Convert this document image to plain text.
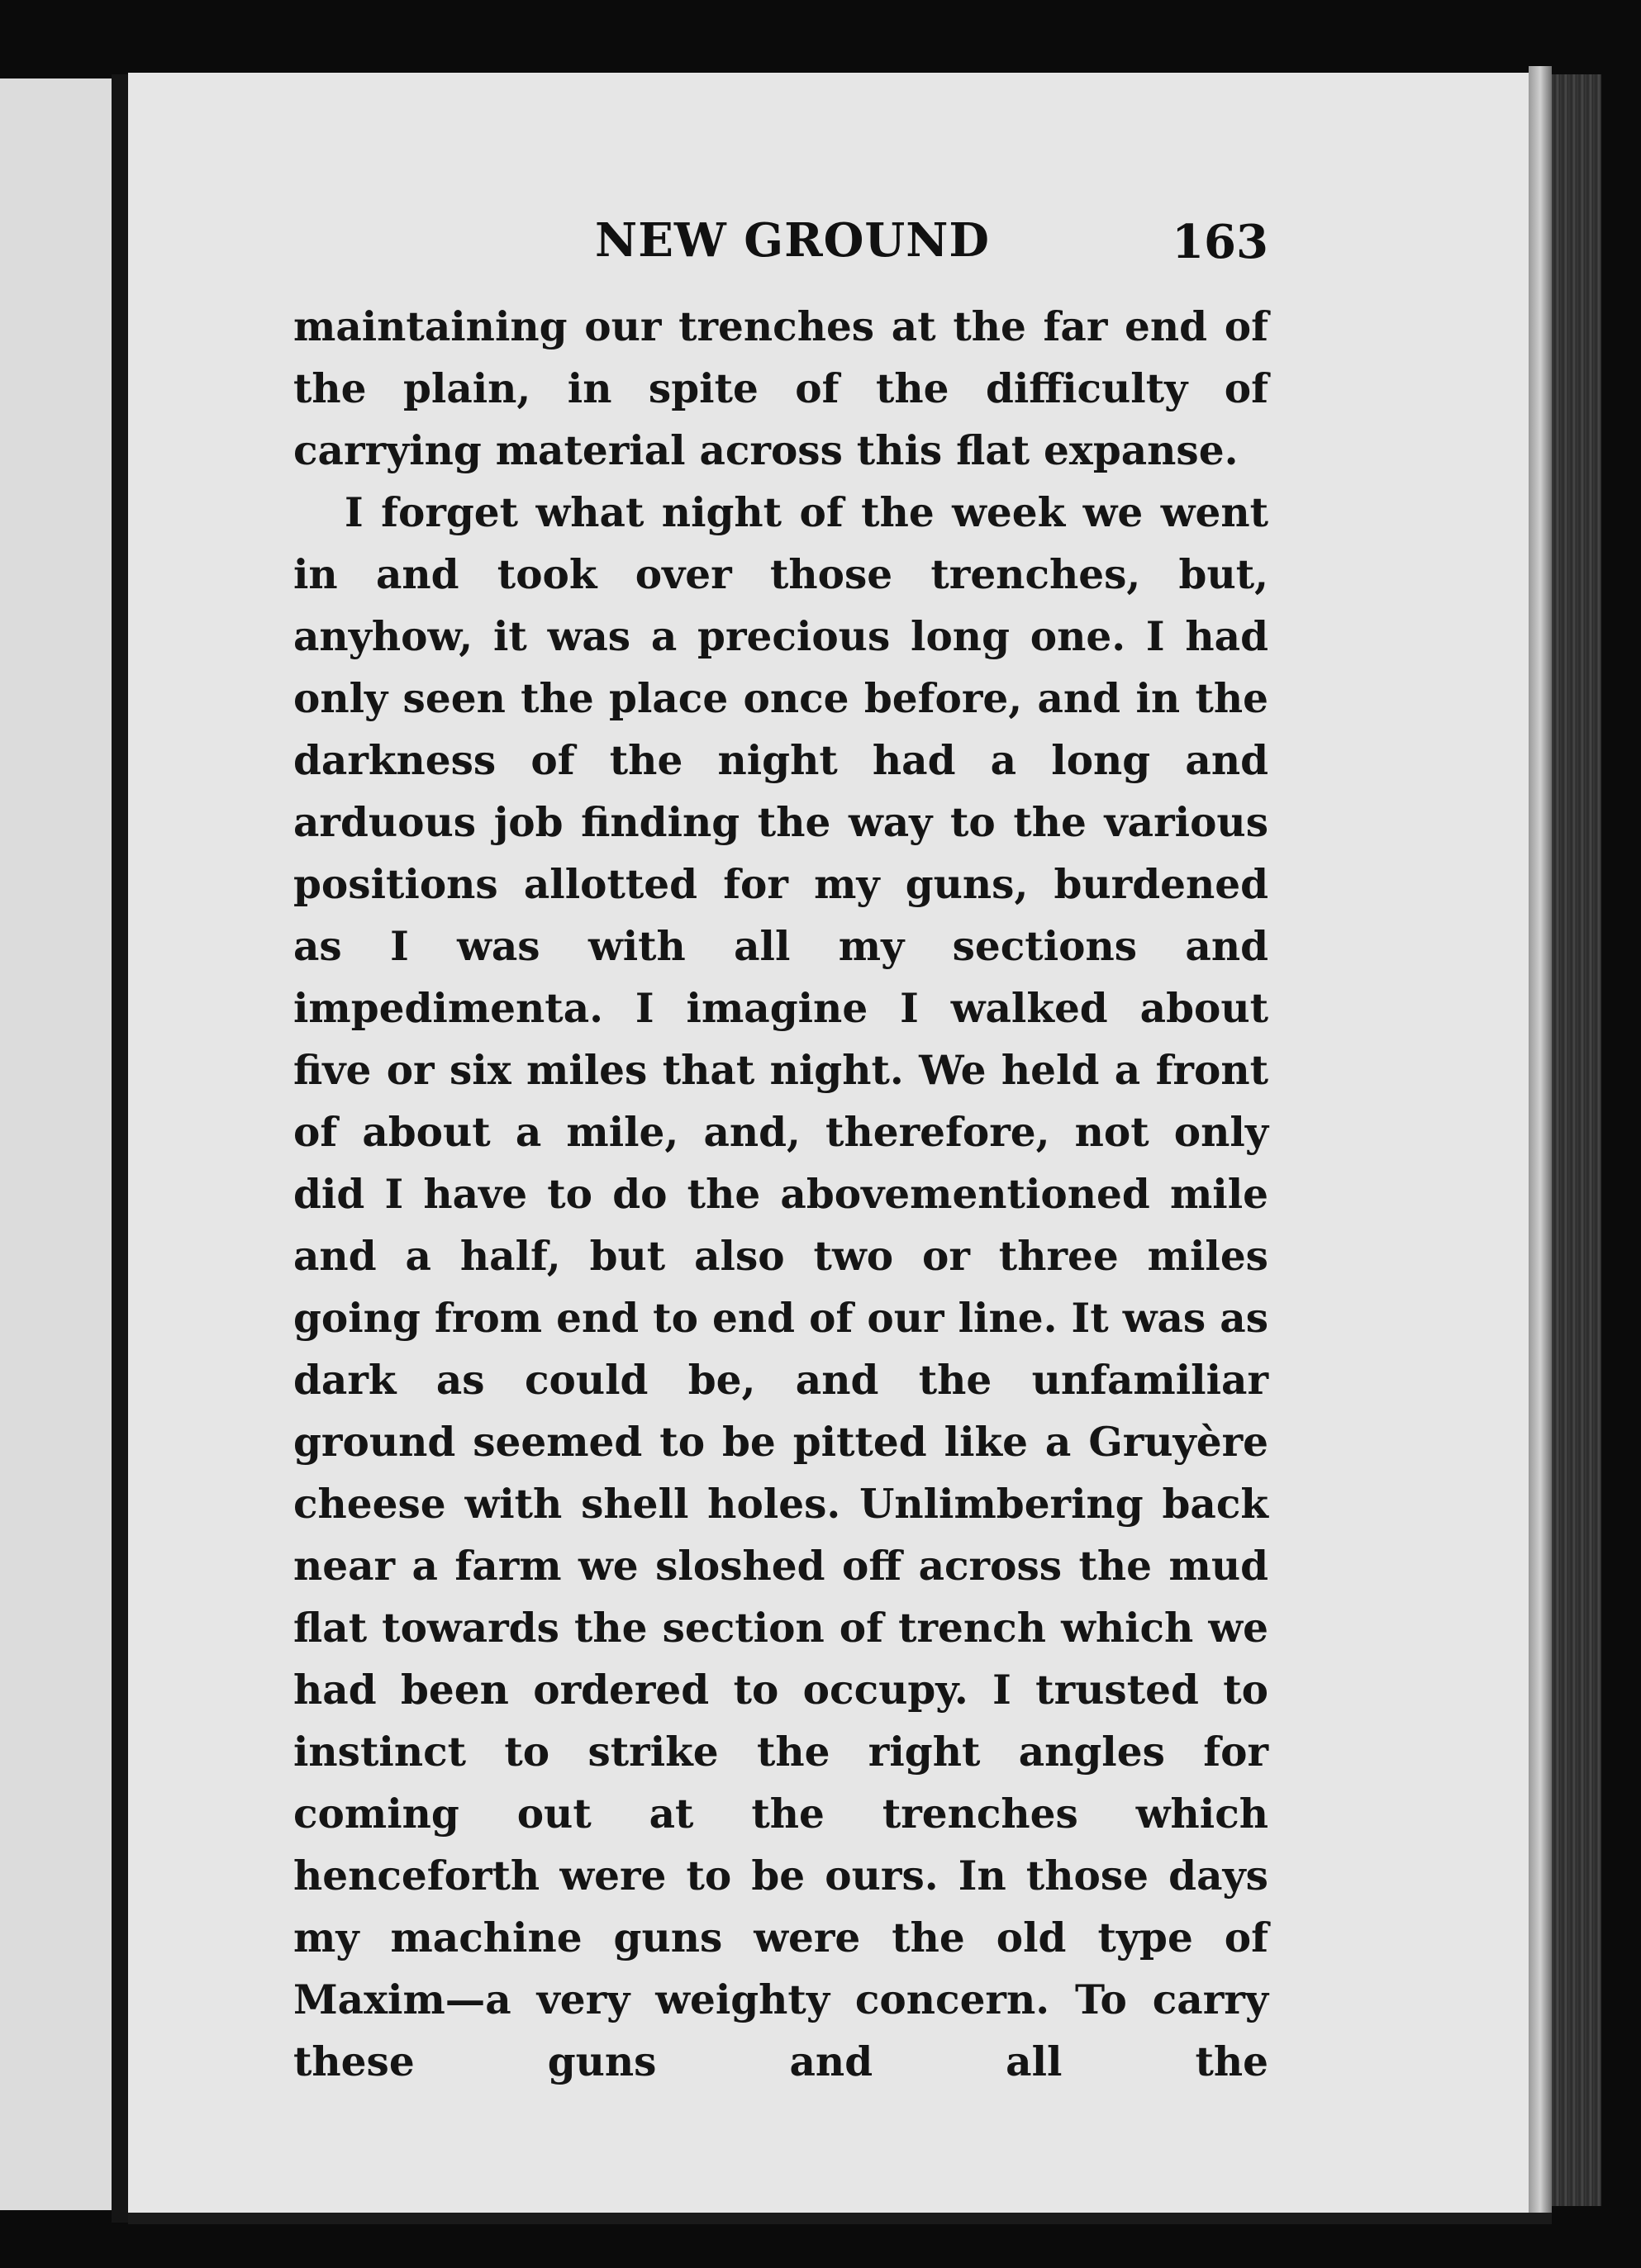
NEW GROUND	163

maintaining our trenches at the far end of the plain, in spite of the difficulty of carrying material across this flat expanse.

I forget what night of the week we went in and took over those trenches, but, anyhow, it was a precious long one. I had only seen the place once before, and in the darkness of the night had a long and arduous job finding the way to the various positions allotted for my guns, burdened as I was with all my sections and impedimenta. I imagine I walked about five or six miles that night. We held a front of about a mile, and, therefore, not only did I have to do the abovementioned mile and a half, but also two or three miles going from end to end of our line. It was as dark as could be, and the unfamiliar ground seemed to be pitted like a Gruyère cheese with shell holes. Unlimbering back near a farm we sloshed off across the mud flat towards the section of trench which we had been ordered to occupy. I trusted to instinct to strike the right angles for coming out at the trenches which henceforth were to be ours. In those days my machine guns were the old type of Maxim—a very weighty concern. To carry these guns and all the
